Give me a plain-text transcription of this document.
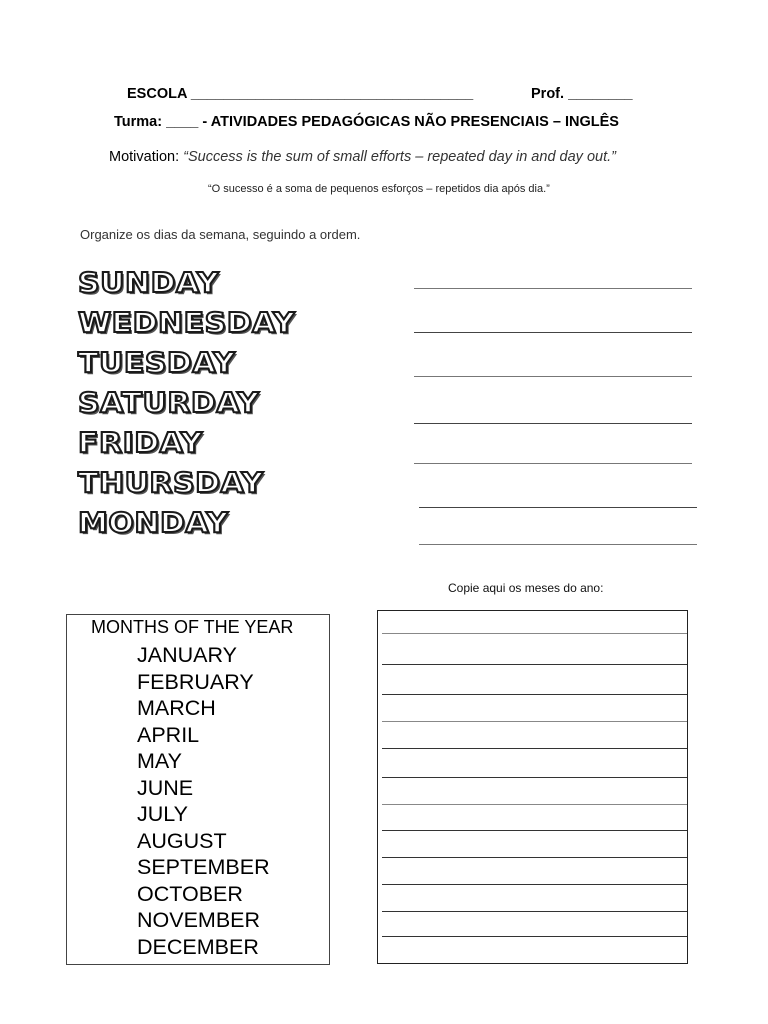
ESCOLA ___________________________________	Prof. ________
Turma: ____ - ATIVIDADES PEDAGÓGICAS NÃO PRESENCIAIS – INGLÊS
Motivation: “Success is the sum of small efforts – repeated day in and day out.”
“O sucesso é a soma de pequenos esforços – repetidos dia após dia.”
Organize os dias da semana, seguindo a ordem.
SUNDAY
WEDNESDAY
TUESDAY
SATURDAY
FRIDAY
THURSDAY
MONDAY
Copie aqui os meses do ano:
MONTHS OF THE YEAR
JANUARY
FEBRUARY
MARCH
APRIL
MAY
JUNE
JULY
AUGUST
SEPTEMBER
OCTOBER
NOVEMBER
DECEMBER
